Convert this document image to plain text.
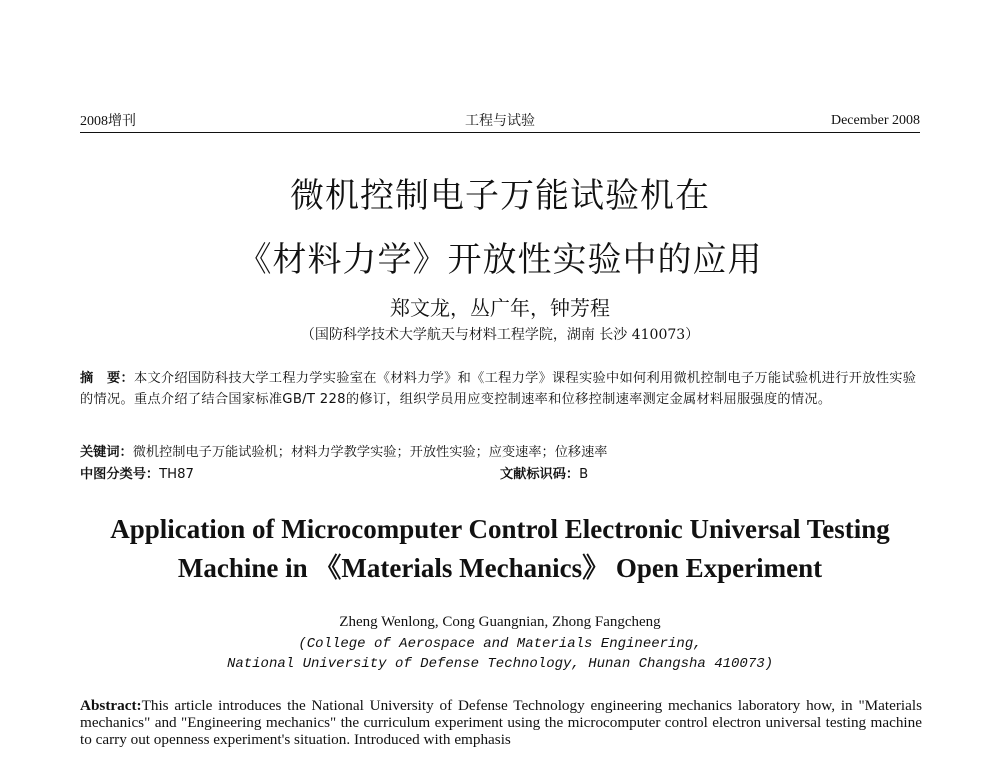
2008增刊	工程与试验	December 2008
微机控制电子万能试验机在
《材料力学》开放性实验中的应用
郑文龙，丛广年，钟芳程
（国防科学技术大学航天与材料工程学院，湖南 长沙 410073）
摘　要：本文介绍国防科技大学工程力学实验室在《材料力学》和《工程力学》课程实验中如何利用微机控制电子万能试验机进行开放性实验的情况。重点介绍了结合国家标准GB/T 228的修订，组织学员用应变控制速率和位移控制速率测定金属材料屈服强度的情况。
关键词：微机控制电子万能试验机；材料力学教学实验；开放性实验；应变速率；位移速率
中图分类号：TH87	文献标识码：B
Application of Microcomputer Control Electronic Universal Testing
Machine in 《Materials Mechanics》 Open Experiment
Zheng Wenlong, Cong Guangnian, Zhong Fangcheng
(College of Aerospace and Materials Engineering,
National University of Defense Technology, Hunan Changsha 410073)
Abstract:This article introduces the National University of Defense Technology engineering mechanics laboratory how, in "Materials mechanics" and "Engineering mechanics" the curriculum experiment using the microcomputer control electron universal testing machine to carry out openness experiment's situation. Introduced with emphasis
